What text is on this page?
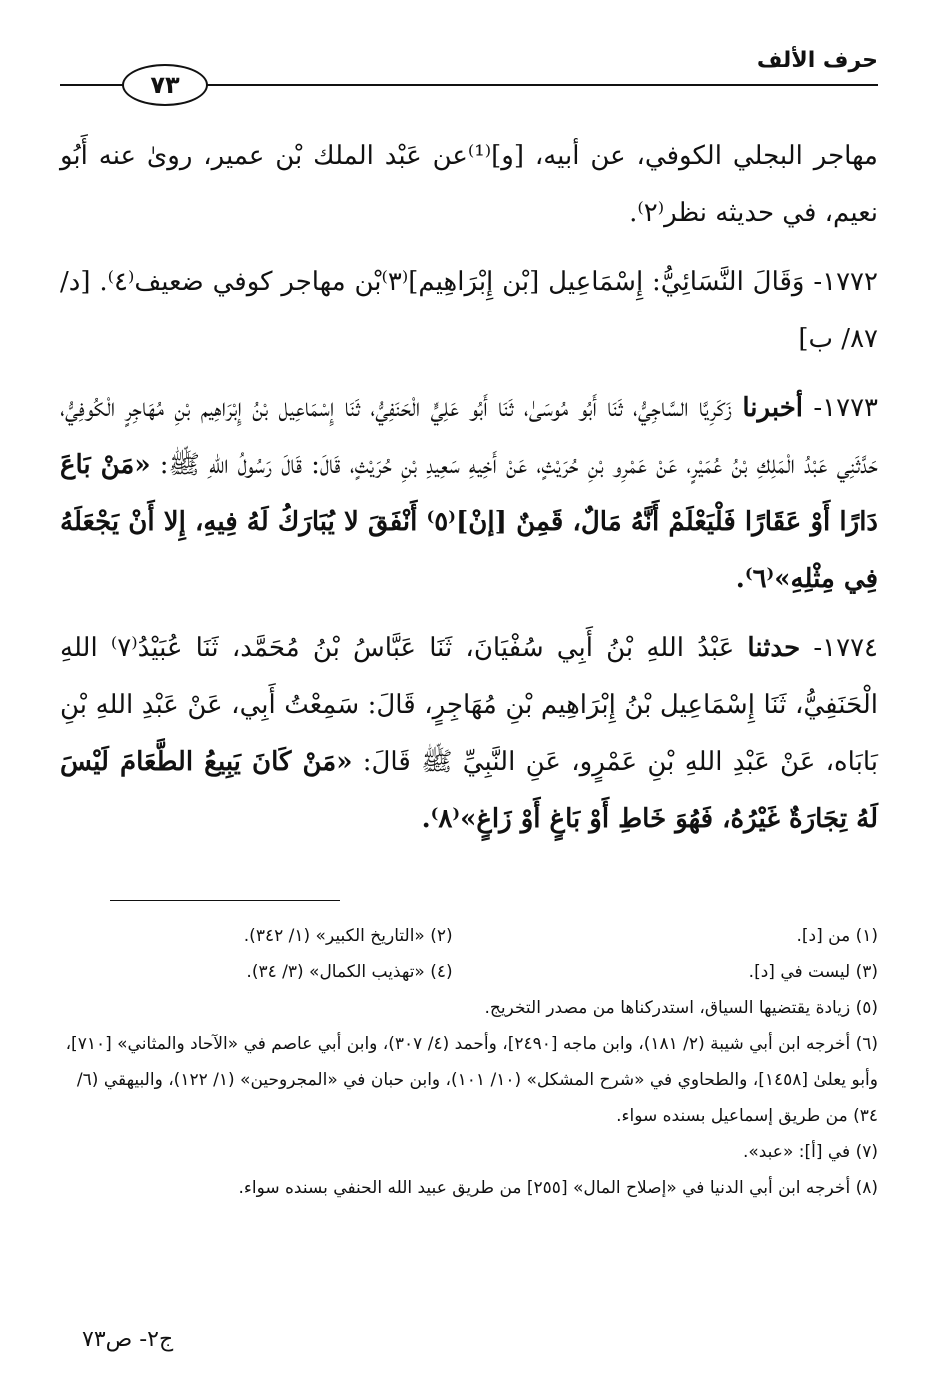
حرف الألف
٧٣

مهاجر البجلي الكوفي، عن أبيه، [و]⁽¹⁾عن عَبْد الملك بْن عمير، روىٰ عنه أَبُو نعيم، في حديثه نظر⁽٢⁾.

١٧٧٢- وَقَالَ النَّسَائِيُّ: إِسْمَاعِيل [بْن إِبْرَاهِيم]⁽٣⁾بْن مهاجر كوفي ضعيف⁽٤⁾. [د/ ٨٧/ ب]

١٧٧٣- أخبرنا زَكَرِيَّا السَّاجِيُّ، ثَنَا أَبُو مُوسَىٰ، ثَنَا أَبُو عَلِيٍّ الْحَنَفِيُّ، ثَنَا إِسْمَاعِيل بْنُ إِبْرَاهِيم بْنِ مُهَاجِرٍ الْكُوفِيُّ، حَدَّثَنِي عَبْدُ الْمَلِكِ بْنُ عُمَيْرٍ، عَنْ عَمْرِو بْنِ حُرَيْثٍ، عَنْ أَخِيهِ سَعِيدِ بْنِ حُرَيْثٍ، قَالَ: قَالَ رَسُولُ اللهِ ﷺ: «مَنْ بَاعَ دَارًا أَوْ عَقَارًا فَلْيَعْلَمْ أَنَّهُ مَالٌ، قَمِنٌ [إنْ]⁽٥⁾ أَنْفَقَ لا يُبَارَكُ لَهُ فِيهِ، إِلا أَنْ يَجْعَلَهُ فِي مِثْلِهِ»⁽٦⁾.

١٧٧٤- حدثنا عَبْدُ اللهِ بْنُ أَبِي سُفْيَانَ، ثَنَا عَبَّاسُ بْنُ مُحَمَّد، ثَنَا عُبَيْدُ⁽٧⁾ اللهِ الْحَنَفِيُّ، ثَنَا إِسْمَاعِيل بْنُ إِبْرَاهِيم بْنِ مُهَاجِرٍ، قَالَ: سَمِعْتُ أَبِي، عَنْ عَبْدِ اللهِ بْنِ بَابَاه، عَنْ عَبْدِ اللهِ بْنِ عَمْرٍو، عَنِ النَّبِيِّ ﷺ قَالَ: «مَنْ كَانَ يَبِيعُ الطَّعَامَ لَيْسَ لَهُ تِجَارَةٌ غَيْرُهُ، فَهُوَ خَاطِ أَوْ بَاغٍ أَوْ زَاغٍ»⁽٨⁾.

(١) من [د].
(٢) «التاريخ الكبير» (١/ ٣٤٢).
(٣) ليست في [د].
(٤) «تهذيب الكمال» (٣/ ٣٤).
(٥) زيادة يقتضيها السياق، استدركناها من مصدر التخريج.
(٦) أخرجه ابن أبي شيبة (٢/ ١٨١)، وابن ماجه [٢٤٩٠]، وأحمد (٤/ ٣٠٧)، وابن أبي عاصم في «الآحاد والمثاني» [٧١٠]، وأبو يعلىٰ [١٤٥٨]، والطحاوي في «شرح المشكل» (١٠/ ١٠١)، وابن حبان في «المجروحين» (١/ ١٢٢)، والبيهقي (٦/ ٣٤) من طريق إسماعيل بسنده سواء.
(٧) في [أ]: «عبد».
(٨) أخرجه ابن أبي الدنيا في «إصلاح المال» [٢٥٥] من طريق عبيد الله الحنفي بسنده سواء.
ج٢- ص٧٣
